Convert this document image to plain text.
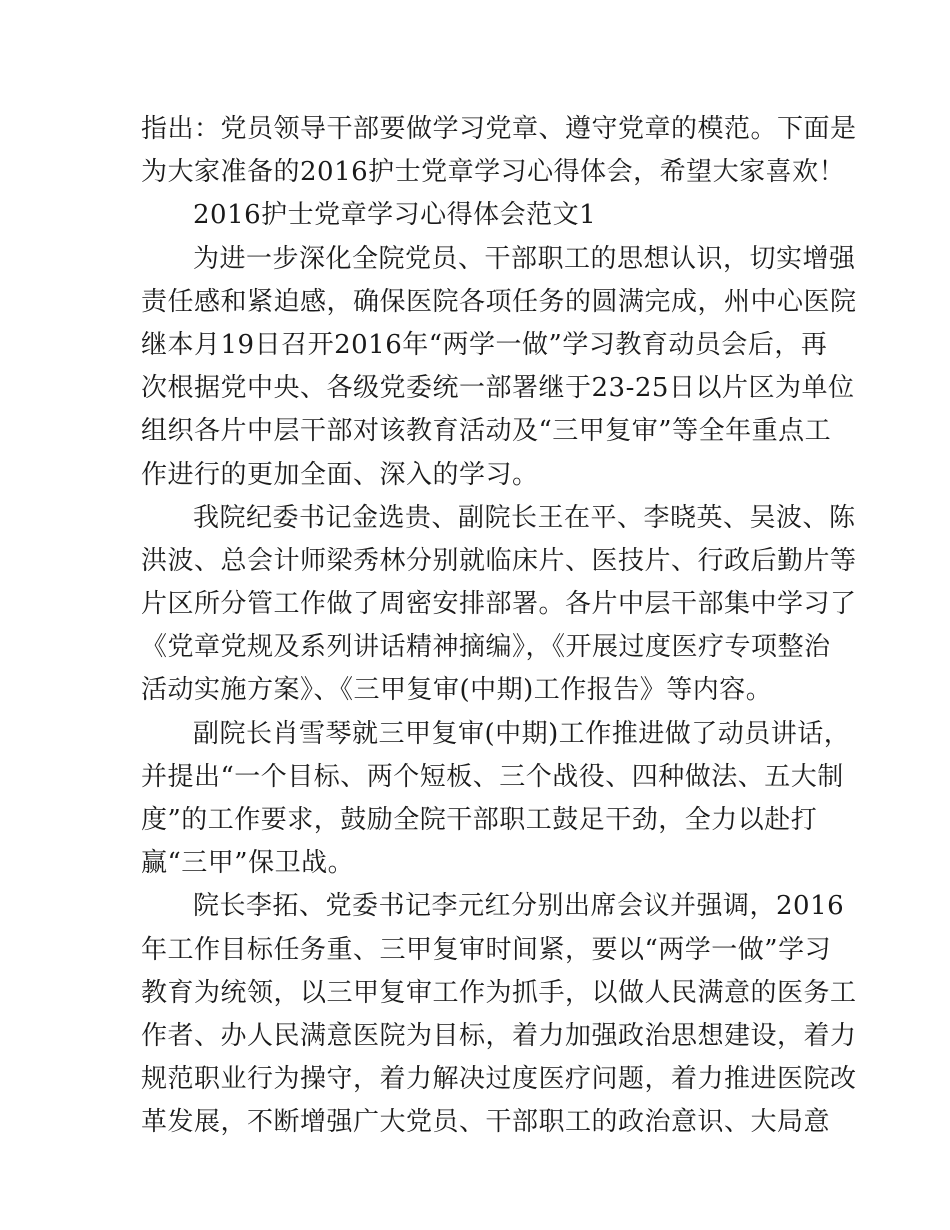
指出：党员领导干部要做学习党章、遵守党章的模范。下面是
为大家准备的2016护士党章学习心得体会，希望大家喜欢！
2016护士党章学习心得体会范文1
为进一步深化全院党员、干部职工的思想认识，切实增强
责任感和紧迫感，确保医院各项任务的圆满完成，州中心医院
继本月19日召开2016年“两学一做”学习教育动员会后，再
次根据党中央、各级党委统一部署继于23-25日以片区为单位
组织各片中层干部对该教育活动及“三甲复审”等全年重点工
作进行的更加全面、深入的学习。
我院纪委书记金选贵、副院长王在平、李晓英、吴波、陈
洪波、总会计师梁秀林分别就临床片、医技片、行政后勤片等
片区所分管工作做了周密安排部署。各片中层干部集中学习了
《党章党规及系列讲话精神摘编》，《开展过度医疗专项整治
活动实施方案》、《三甲复审(中期)工作报告》等内容。
副院长肖雪琴就三甲复审(中期)工作推进做了动员讲话，
并提出“一个目标、两个短板、三个战役、四种做法、五大制
度”的工作要求，鼓励全院干部职工鼓足干劲，全力以赴打
赢“三甲”保卫战。
院长李拓、党委书记李元红分别出席会议并强调，2016
年工作目标任务重、三甲复审时间紧，要以“两学一做”学习
教育为统领，以三甲复审工作为抓手，以做人民满意的医务工
作者、办人民满意医院为目标，着力加强政治思想建设，着力
规范职业行为操守，着力解决过度医疗问题，着力推进医院改
革发展，不断增强广大党员、干部职工的政治意识、大局意
